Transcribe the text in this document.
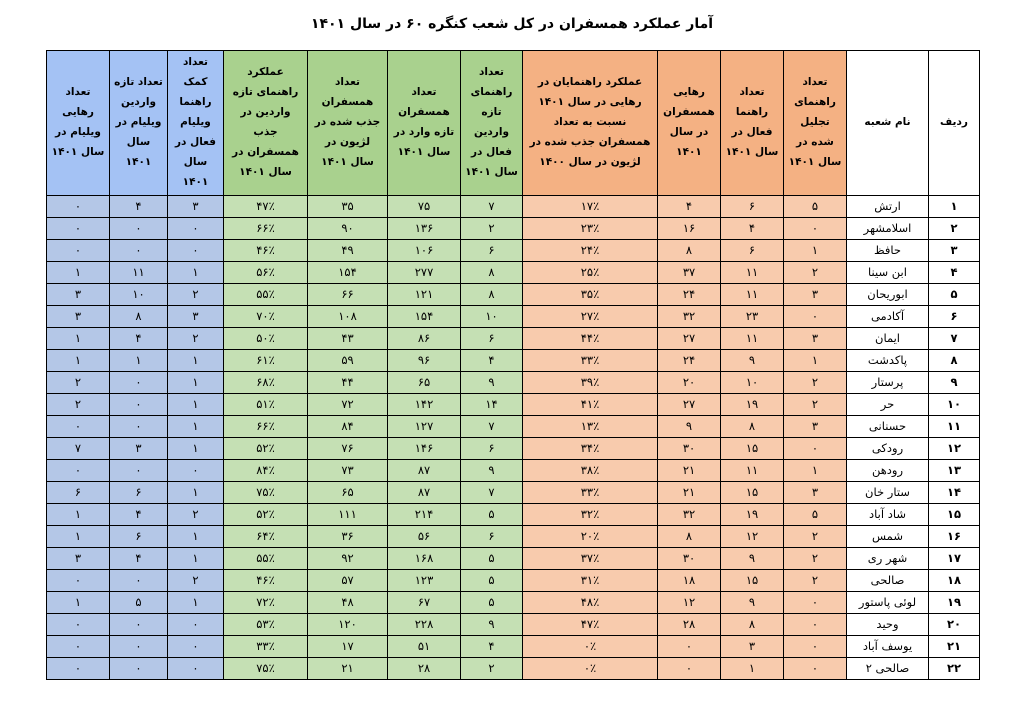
آمار عملکرد همسفران در کل شعب کنگره ۶۰ در سال ۱۴۰۱
ردیف	نام شعبه	تعداد راهنمای تجلیل شده در سال ۱۴۰۱	تعداد راهنما فعال در سال ۱۴۰۱	رهایی همسفران در سال ۱۴۰۱	عملکرد راهنمایان در رهایی در سال ۱۴۰۱ نسبت به تعداد همسفران جذب شده در لژیون در سال ۱۴۰۰	تعداد راهنمای تازه واردین فعال در سال ۱۴۰۱	تعداد همسفران تازه وارد در سال ۱۴۰۱	تعداد همسفران جذب شده در لژیون در سال ۱۴۰۱	عملکرد راهنمای تازه واردین در جذب همسفران در سال ۱۴۰۱	تعداد کمک راهنما ویلیام فعال در سال ۱۴۰۱	تعداد تازه واردین ویلیام در سال ۱۴۰۱	تعداد رهایی ویلیام در سال ۱۴۰۱
۱	ارتش	۵	۶	۴	۱۷٪	۷	۷۵	۳۵	۴۷٪	۳	۴	۰
۲	اسلامشهر	۰	۴	۱۶	۲۳٪	۲	۱۳۶	۹۰	۶۶٪	۰	۰	۰
۳	حافظ	۱	۶	۸	۲۴٪	۶	۱۰۶	۴۹	۴۶٪	۰	۰	۰
۴	ابن سینا	۲	۱۱	۳۷	۲۵٪	۸	۲۷۷	۱۵۴	۵۶٪	۱	۱۱	۱
۵	ابوریحان	۳	۱۱	۲۴	۳۵٪	۸	۱۲۱	۶۶	۵۵٪	۲	۱۰	۳
۶	آکادمی	۰	۲۳	۳۲	۲۷٪	۱۰	۱۵۴	۱۰۸	۷۰٪	۳	۸	۳
۷	ایمان	۳	۱۱	۲۷	۴۴٪	۶	۸۶	۴۳	۵۰٪	۲	۴	۱
۸	پاکدشت	۱	۹	۲۴	۳۳٪	۴	۹۶	۵۹	۶۱٪	۱	۱	۱
۹	پرستار	۲	۱۰	۲۰	۳۹٪	۹	۶۵	۴۴	۶۸٪	۱	۰	۲
۱۰	حر	۲	۱۹	۲۷	۴۱٪	۱۴	۱۴۲	۷۲	۵۱٪	۱	۰	۲
۱۱	حسنانی	۳	۸	۹	۱۳٪	۷	۱۲۷	۸۴	۶۶٪	۱	۰	۰
۱۲	رودکی	۰	۱۵	۳۰	۳۴٪	۶	۱۴۶	۷۶	۵۲٪	۱	۳	۷
۱۳	رودهن	۱	۱۱	۲۱	۳۸٪	۹	۸۷	۷۳	۸۴٪	۰	۰	۰
۱۴	ستار خان	۳	۱۵	۲۱	۳۳٪	۷	۸۷	۶۵	۷۵٪	۱	۶	۶
۱۵	شاد آباد	۵	۱۹	۳۲	۳۲٪	۵	۲۱۴	۱۱۱	۵۲٪	۲	۴	۱
۱۶	شمس	۲	۱۲	۸	۲۰٪	۶	۵۶	۳۶	۶۴٪	۱	۶	۱
۱۷	شهر ری	۲	۹	۳۰	۳۷٪	۵	۱۶۸	۹۲	۵۵٪	۱	۴	۳
۱۸	صالحی	۲	۱۵	۱۸	۳۱٪	۵	۱۲۳	۵۷	۴۶٪	۲	۰	۰
۱۹	لوئی پاستور	۰	۹	۱۲	۴۸٪	۵	۶۷	۴۸	۷۲٪	۱	۵	۱
۲۰	وحید	۰	۸	۲۸	۴۷٪	۹	۲۲۸	۱۲۰	۵۳٪	۰	۰	۰
۲۱	یوسف آباد	۰	۳	۰	۰٪	۴	۵۱	۱۷	۳۳٪	۰	۰	۰
۲۲	صالحی ۲	۰	۱	۰	۰٪	۲	۲۸	۲۱	۷۵٪	۰	۰	۰
